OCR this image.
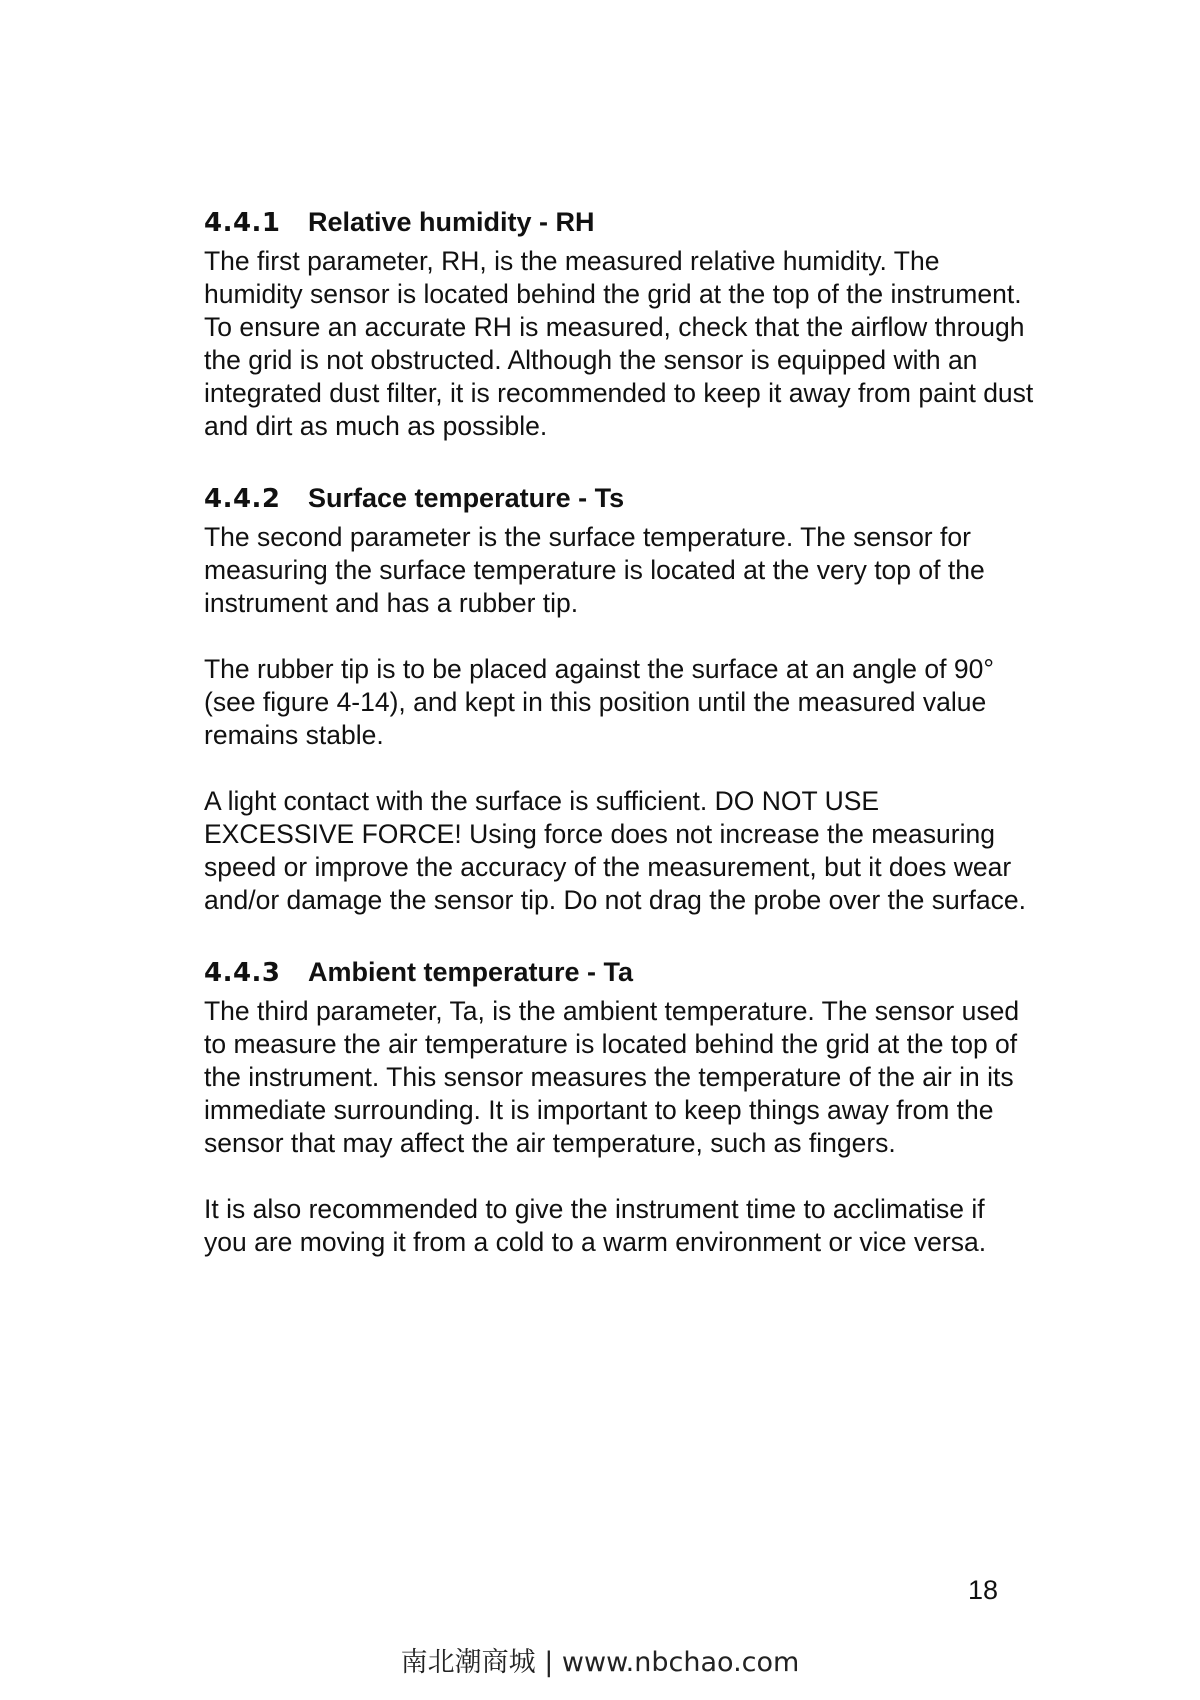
4.4.1	Relative humidity - RH

The first parameter, RH, is the measured relative humidity. The humidity sensor is located behind the grid at the top of the instrument. To ensure an accurate RH is measured, check that the airflow through the grid is not obstructed. Although the sensor is equipped with an integrated dust filter, it is recommended to keep it away from paint dust and dirt as much as possible.

4.4.2	Surface temperature - Ts

The second parameter is the surface temperature. The sensor for measuring the surface temperature is located at the very top of the instrument and has a rubber tip.

The rubber tip is to be placed against the surface at an angle of 90° (see figure 4-14), and kept in this position until the measured value remains stable.

A light contact with the surface is sufficient. DO NOT USE EXCESSIVE FORCE! Using force does not increase the measuring speed or improve the accuracy of the measurement, but it does wear and/or damage the sensor tip. Do not drag the probe over the surface.

4.4.3	Ambient temperature - Ta

The third parameter, Ta, is the ambient temperature. The sensor used to measure the air temperature is located behind the grid at the top of the instrument. This sensor measures the temperature of the air in its immediate surrounding. It is important to keep things away from the sensor that may affect the air temperature, such as fingers.

It is also recommended to give the instrument time to acclimatise if you are moving it from a cold to a warm environment or vice versa.

18
南北潮商城 | www.nbchao.com
